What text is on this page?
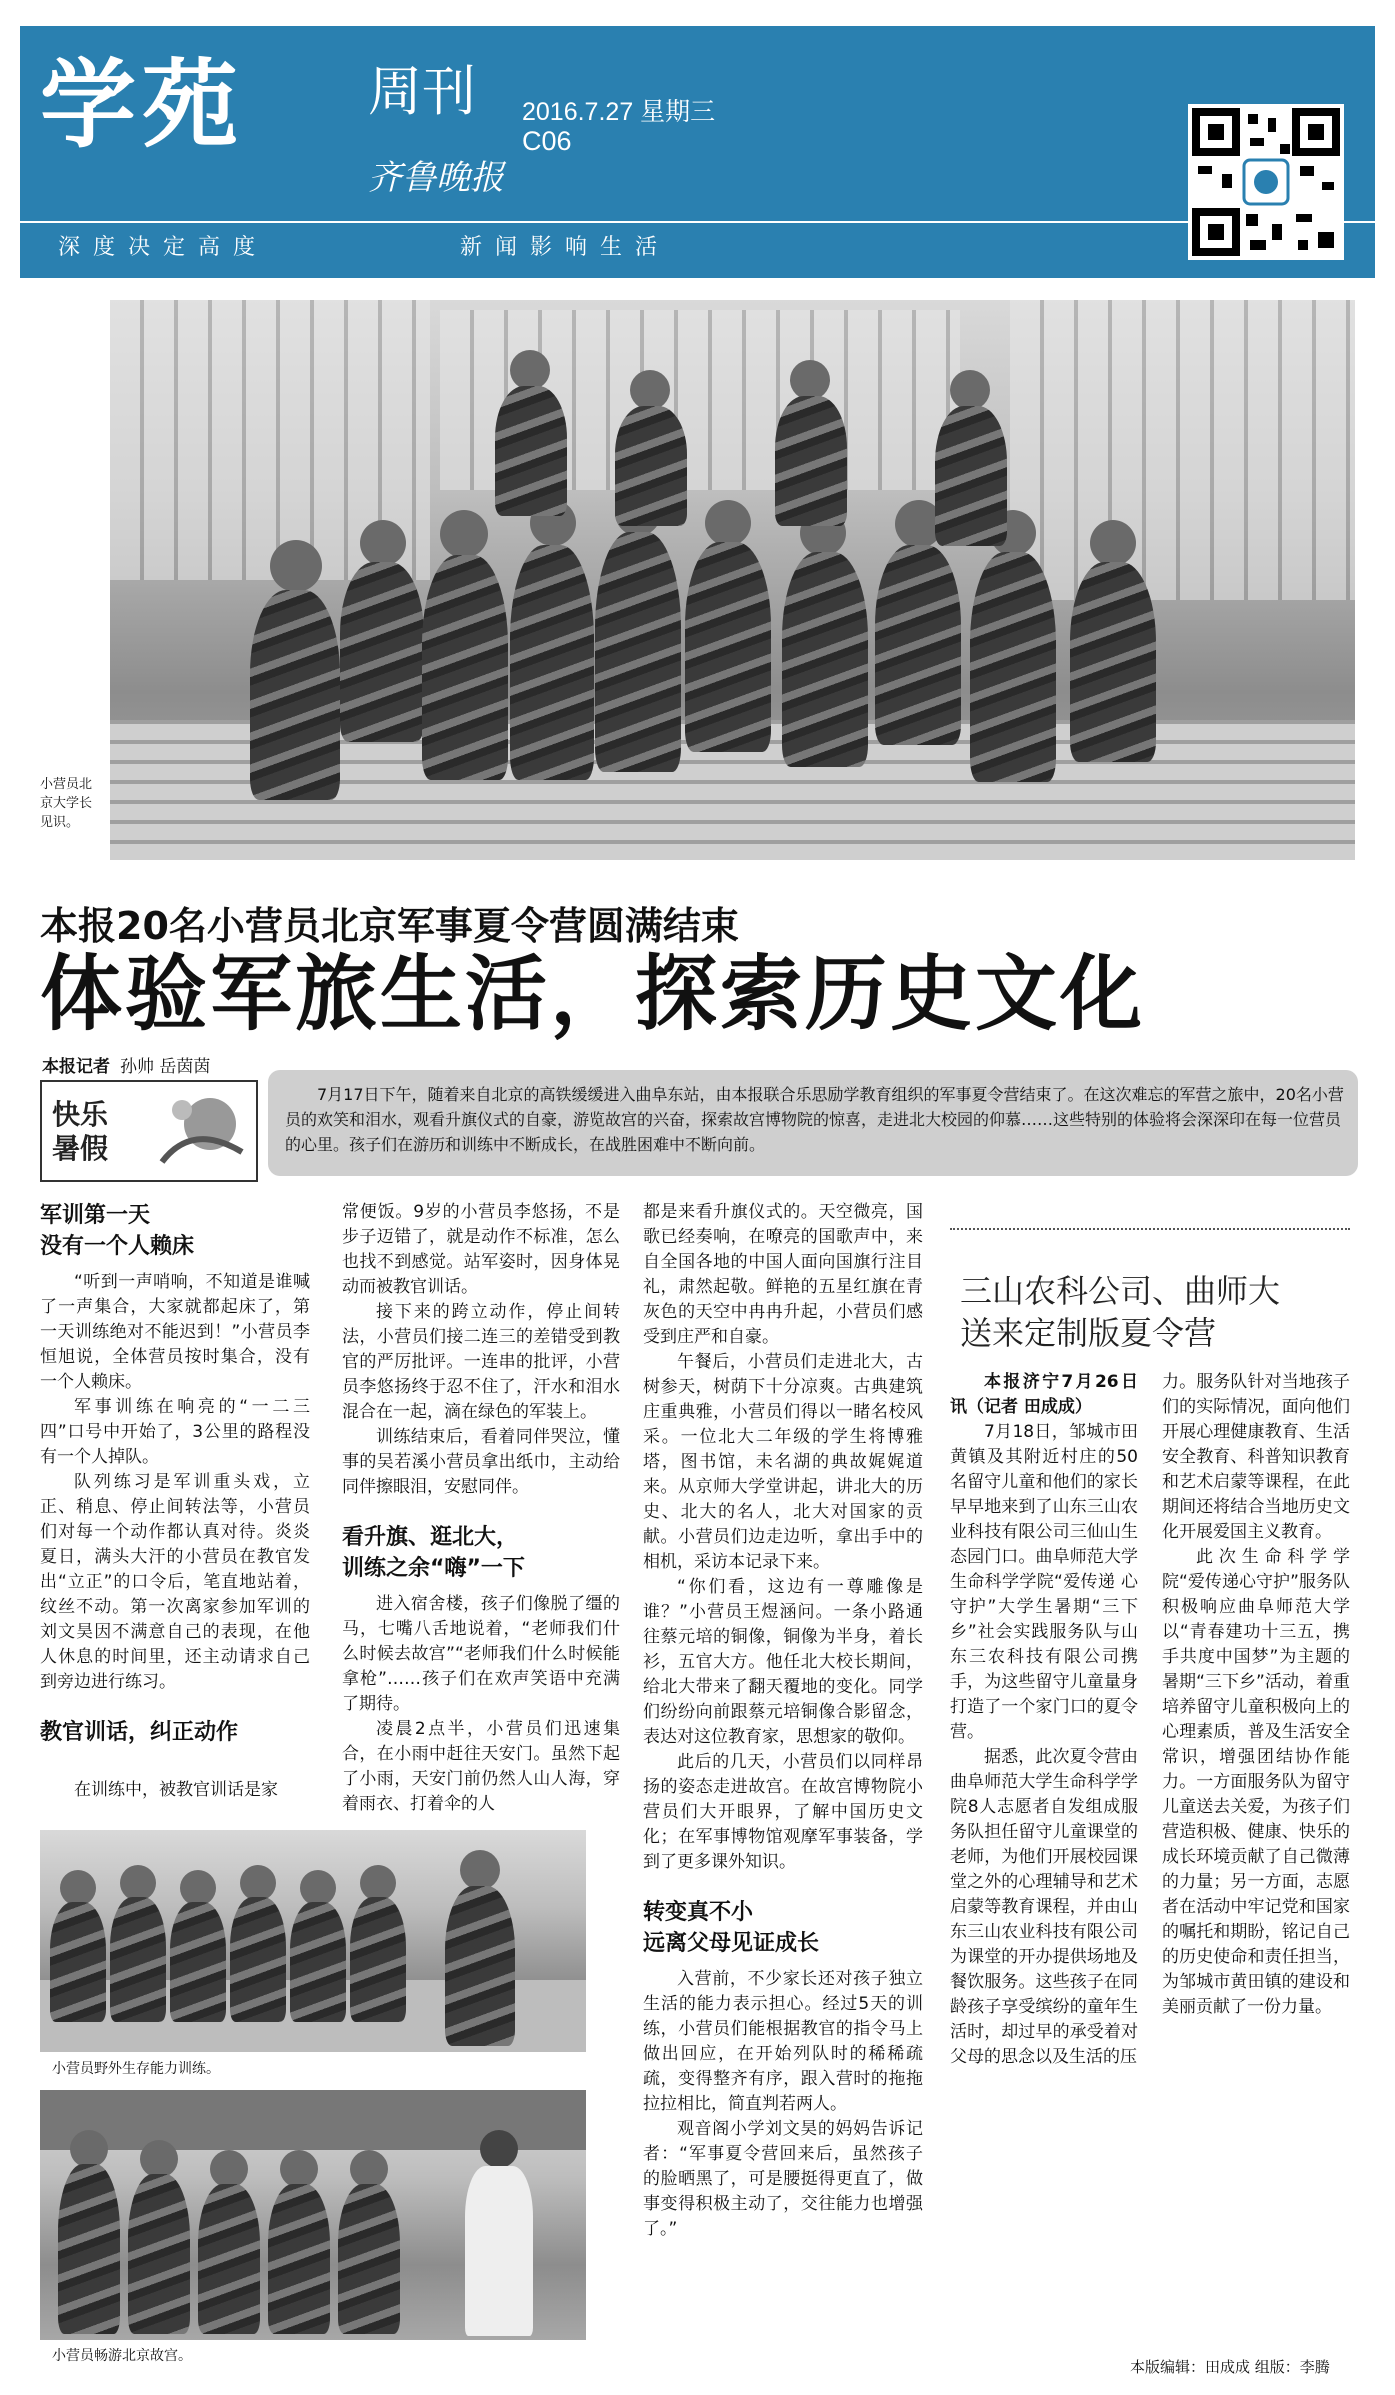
学苑 周刊
齐鲁晚报
2016.7.27 星期三
C06
深度决定高度	新闻影响生活
小营员北京大学长见识。
本报20名小营员北京军事夏令营圆满结束
体验军旅生活，探索历史文化
本报记者 孙帅 岳茵茵
快乐
暑假
7月17日下午，随着来自北京的高铁缓缓进入曲阜东站，由本报联合乐思励学教育组织的军事夏令营结束了。在这次难忘的军营之旅中，20名小营员的欢笑和泪水，观看升旗仪式的自豪，游览故宫的兴奋，探索故宫博物院的惊喜，走进北大校园的仰慕……这些特别的体验将会深深印在每一位营员的心里。孩子们在游历和训练中不断成长，在战胜困难中不断向前。
军训第一天
没有一个人赖床

“听到一声哨响，不知道是谁喊了一声集合，大家就都起床了，第一天训练绝对不能迟到！”小营员李恒旭说，全体营员按时集合，没有一个人赖床。

军事训练在响亮的“一二三四”口号中开始了，3公里的路程没有一个人掉队。

队列练习是军训重头戏，立正、稍息、停止间转法等，小营员们对每一个动作都认真对待。炎炎夏日，满头大汗的小营员在教官发出“立正”的口令后，笔直地站着，纹丝不动。第一次离家参加军训的刘文昊因不满意自己的表现，在他人休息的时间里，还主动请求自己到旁边进行练习。

教官训话，纠正动作

在训练中，被教官训话是家

常便饭。9岁的小营员李悠扬，不是步子迈错了，就是动作不标准，怎么也找不到感觉。站军姿时，因身体晃动而被教官训话。

接下来的跨立动作，停止间转法，小营员们接二连三的差错受到教官的严厉批评。一连串的批评，小营员李悠扬终于忍不住了，汗水和泪水混合在一起，滴在绿色的军装上。

训练结束后，看着同伴哭泣，懂事的吴若溪小营员拿出纸巾，主动给同伴擦眼泪，安慰同伴。

看升旗、逛北大，
训练之余“嗨”一下

进入宿舍楼，孩子们像脱了缰的马，七嘴八舌地说着，“老师我们什么时候去故宫”“老师我们什么时候能拿枪”……孩子们在欢声笑语中充满了期待。

凌晨2点半，小营员们迅速集合，在小雨中赶往天安门。虽然下起了小雨，天安门前仍然人山人海，穿着雨衣、打着伞的人

都是来看升旗仪式的。天空微亮，国歌已经奏响，在嘹亮的国歌声中，来自全国各地的中国人面向国旗行注目礼，肃然起敬。鲜艳的五星红旗在青灰色的天空中冉冉升起，小营员们感受到庄严和自豪。

午餐后，小营员们走进北大，古树参天，树荫下十分凉爽。古典建筑庄重典雅，小营员们得以一睹名校风采。一位北大二年级的学生将博雅塔，图书馆，未名湖的典故娓娓道来。从京师大学堂讲起，讲北大的历史、北大的名人，北大对国家的贡献。小营员们边走边听，拿出手中的相机，采访本记录下来。

“你们看，这边有一尊雕像是谁？”小营员王煜涵问。一条小路通往蔡元培的铜像，铜像为半身，着长衫，五官大方。他任北大校长期间，给北大带来了翻天覆地的变化。同学们纷纷向前跟蔡元培铜像合影留念，表达对这位教育家，思想家的敬仰。

此后的几天，小营员们以同样昂扬的姿态走进故宫。在故宫博物院小营员们大开眼界，了解中国历史文化；在军事博物馆观摩军事装备，学到了更多课外知识。

转变真不小
远离父母见证成长

入营前，不少家长还对孩子独立生活的能力表示担心。经过5天的训练，小营员们能根据教官的指令马上做出回应，在开始列队时的稀稀疏疏，变得整齐有序，跟入营时的拖拖拉拉相比，简直判若两人。

观音阁小学刘文昊的妈妈告诉记者：“军事夏令营回来后，虽然孩子的脸晒黑了，可是腰挺得更直了，做事变得积极主动了，交往能力也增强了。”

三山农科公司、曲师大
送来定制版夏令营

本报济宁7月26日讯（记者 田成成）

7月18日，邹城市田黄镇及其附近村庄的50名留守儿童和他们的家长早早地来到了山东三山农业科技有限公司三仙山生态园门口。曲阜师范大学生命科学学院“爱传递 心守护”大学生暑期“三下乡”社会实践服务队与山东三农科技有限公司携手，为这些留守儿童量身打造了一个家门口的夏令营。

据悉，此次夏令营由曲阜师范大学生命科学学院8人志愿者自发组成服务队担任留守儿童课堂的老师，为他们开展校园课堂之外的心理辅导和艺术启蒙等教育课程，并由山东三山农业科技有限公司为课堂的开办提供场地及餐饮服务。这些孩子在同龄孩子享受缤纷的童年生活时，却过早的承受着对父母的思念以及生活的压

力。服务队针对当地孩子们的实际情况，面向他们开展心理健康教育、生活安全教育、科普知识教育和艺术启蒙等课程，在此期间还将结合当地历史文化开展爱国主义教育。

此次生命科学学院“爱传递心守护”服务队积极响应曲阜师范大学以“青春建功十三五，携手共度中国梦”为主题的暑期“三下乡”活动，着重培养留守儿童积极向上的心理素质，普及生活安全常识，增强团结协作能力。一方面服务队为留守儿童送去关爱，为孩子们营造积极、健康、快乐的成长环境贡献了自己微薄的力量；另一方面，志愿者在活动中牢记党和国家的嘱托和期盼，铭记自己的历史使命和责任担当，为邹城市黄田镇的建设和美丽贡献了一份力量。

小营员野外生存能力训练。
小营员畅游北京故宫。
本版编辑：田成成 组版：李腾
